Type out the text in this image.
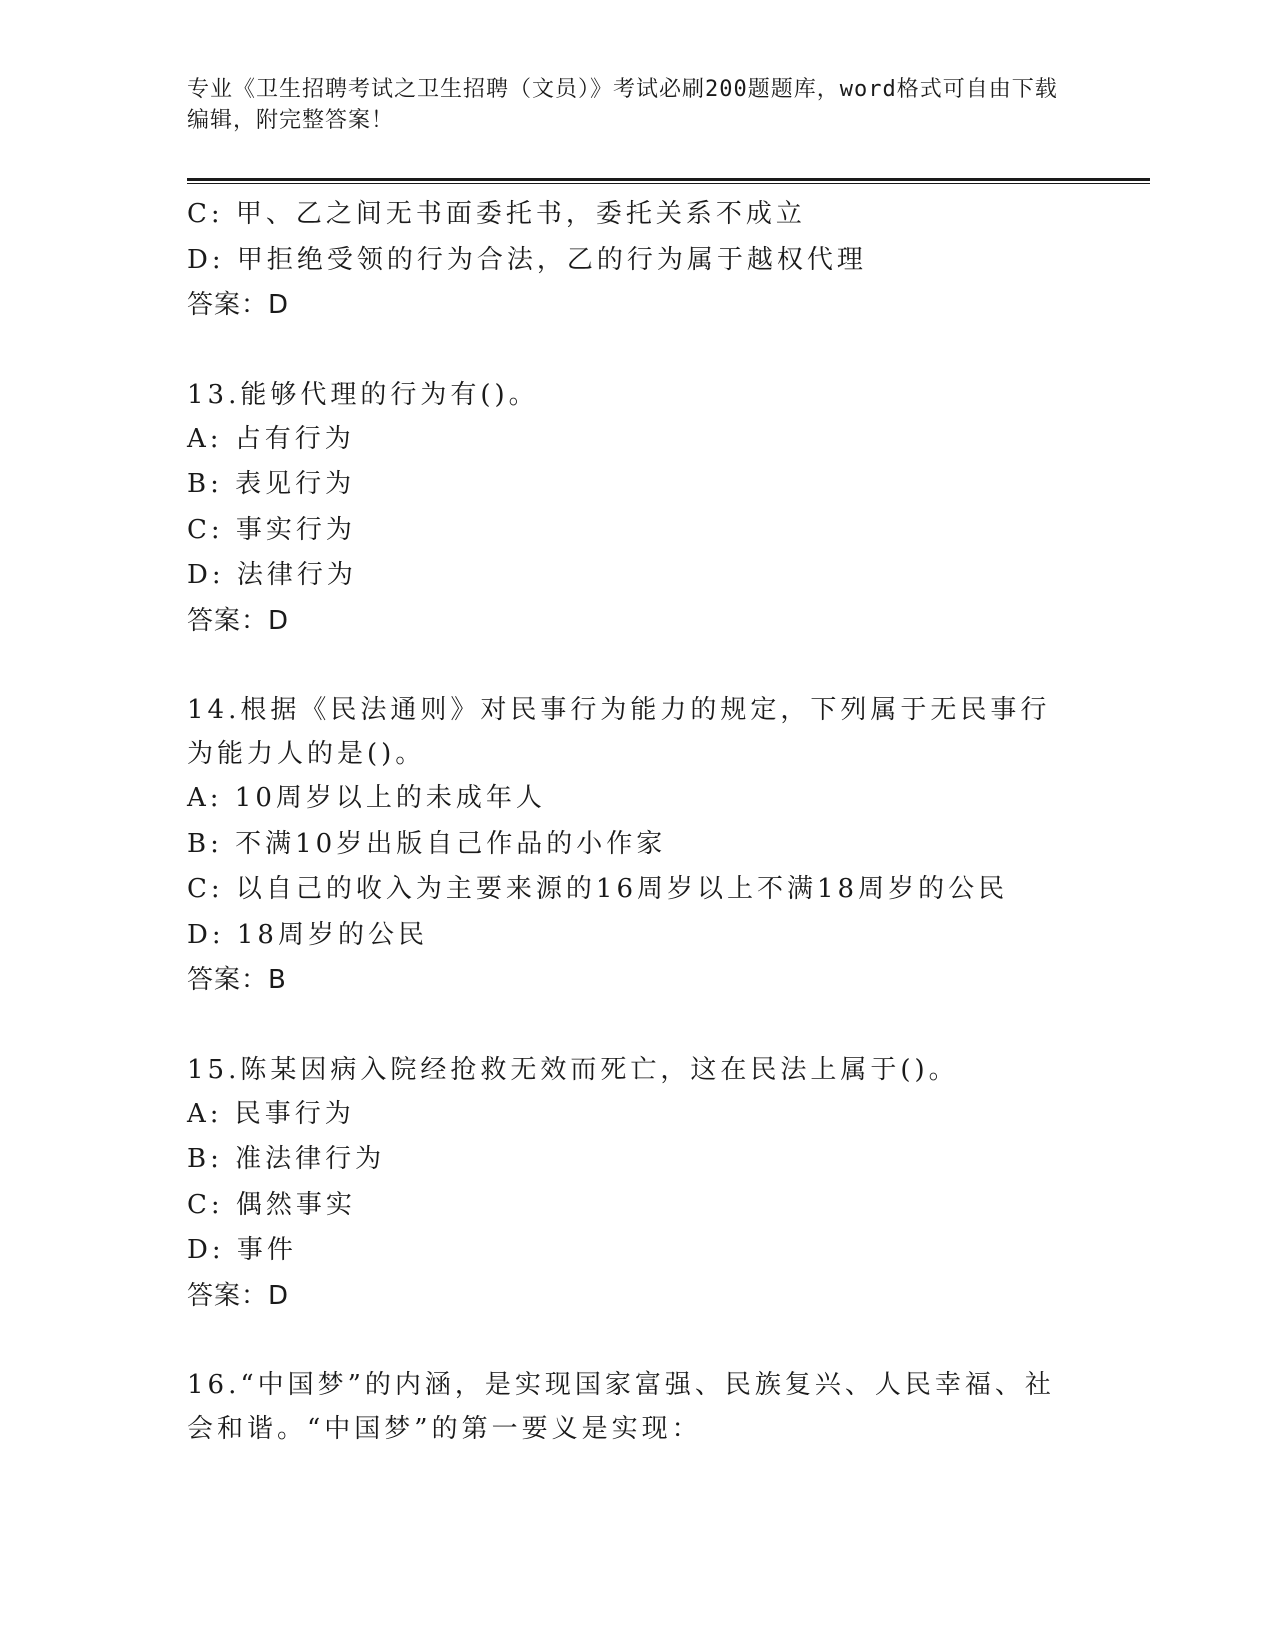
专业《卫生招聘考试之卫生招聘（文员）》考试必刷200题题库，word格式可自由下载编辑，附完整答案！
C: 甲、乙之间无书面委托书，委托关系不成立
D: 甲拒绝受领的行为合法，乙的行为属于越权代理
答案：D
13.能够代理的行为有()。
A: 占有行为
B: 表见行为
C: 事实行为
D: 法律行为
答案：D
14.根据《民法通则》对民事行为能力的规定，下列属于无民事行为能力人的是()。
A: 10周岁以上的未成年人
B: 不满10岁出版自己作品的小作家
C: 以自己的收入为主要来源的16周岁以上不满18周岁的公民
D: 18周岁的公民
答案：B
15.陈某因病入院经抢救无效而死亡，这在民法上属于()。
A: 民事行为
B: 准法律行为
C: 偶然事实
D: 事件
答案：D
16.“中国梦”的内涵，是实现国家富强、民族复兴、人民幸福、社会和谐。“中国梦”的第一要义是实现：
